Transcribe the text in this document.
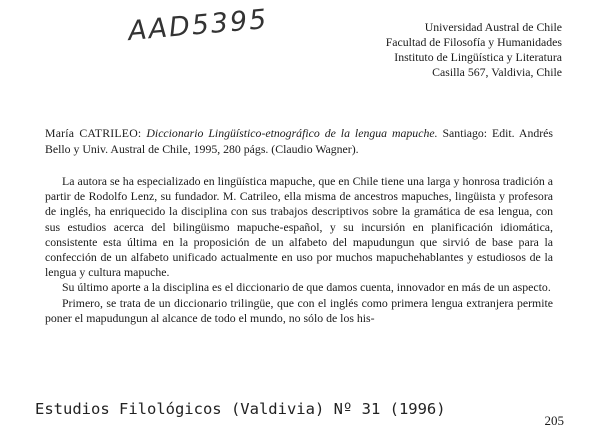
AAD5395	Universidad Austral de Chile
Facultad de Filosofía y Humanidades
Instituto de Lingüística y Literatura
Casilla 567, Valdivia, Chile
María CATRILEO: Diccionario Lingüístico-etnográfico de la lengua mapuche. Santiago: Edit. Andrés Bello y Univ. Austral de Chile, 1995, 280 págs. (Claudio Wagner).

La autora se ha especializado en lingüística mapuche, que en Chile tiene una larga y honrosa tradición a partir de Rodolfo Lenz, su fundador. M. Catrileo, ella misma de ancestros mapuches, lingüista y profesora de inglés, ha enriquecido la disciplina con sus trabajos descriptivos sobre la gramática de esa lengua, con sus estudios acerca del bilingüismo mapuche-español, y su incursión en planificación idiomática, consistente esta última en la proposición de un alfabeto del mapudungun que sirvió de base para la confección de un alfabeto unificado actualmente en uso por muchos mapuchehablantes y estudiosos de la lengua y cultura mapuche.

Su último aporte a la disciplina es el diccionario de que damos cuenta, innovador en más de un aspecto.

Primero, se trata de un diccionario trilingüe, que con el inglés como primera lengua extranjera permite poner el mapudungun al alcance de todo el mundo, no sólo de los his-

Estudios Filológicos (Valdivia) Nº 31 (1996)
205
